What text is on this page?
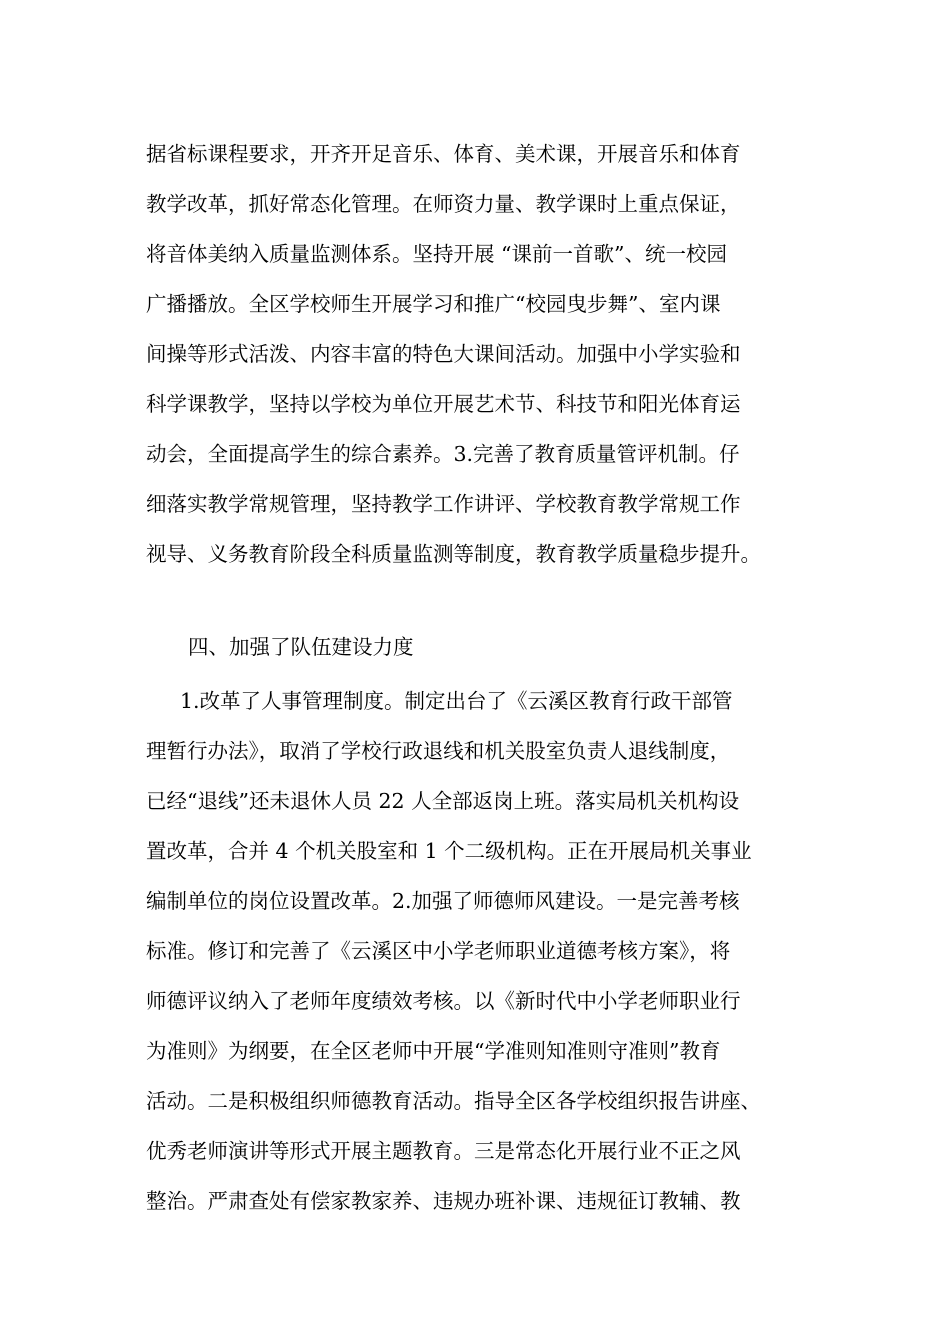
据省标课程要求，开齐开足音乐、体育、美术课，开展音乐和体育
教学改革，抓好常态化管理。在师资力量、教学课时上重点保证，
将音体美纳入质量监测体系。坚持开展 “课前一首歌”、统一校园
广播播放。全区学校师生开展学习和推广“校园曳步舞”、室内课
间操等形式活泼、内容丰富的特色大课间活动。加强中小学实验和
科学课教学，坚持以学校为单位开展艺术节、科技节和阳光体育运
动会，全面提高学生的综合素养。3.完善了教育质量管评机制。仔
细落实教学常规管理，坚持教学工作讲评、学校教育教学常规工作
视导、义务教育阶段全科质量监测等制度，教育教学质量稳步提升。
四、加强了队伍建设力度
1.改革了人事管理制度。制定出台了《云溪区教育行政干部管
理暂行办法》，取消了学校行政退线和机关股室负责人退线制度，
已经“退线”还未退休人员 22 人全部返岗上班。落实局机关机构设
置改革，合并 4 个机关股室和 1 个二级机构。正在开展局机关事业
编制单位的岗位设置改革。2.加强了师德师风建设。一是完善考核
标准。修订和完善了《云溪区中小学老师职业道德考核方案》，将
师德评议纳入了老师年度绩效考核。以《新时代中小学老师职业行
为准则》为纲要，在全区老师中开展“学准则知准则守准则”教育
活动。二是积极组织师德教育活动。指导全区各学校组织报告讲座、
优秀老师演讲等形式开展主题教育。三是常态化开展行业不正之风
整治。严肃查处有偿家教家养、违规办班补课、违规征订教辅、教
